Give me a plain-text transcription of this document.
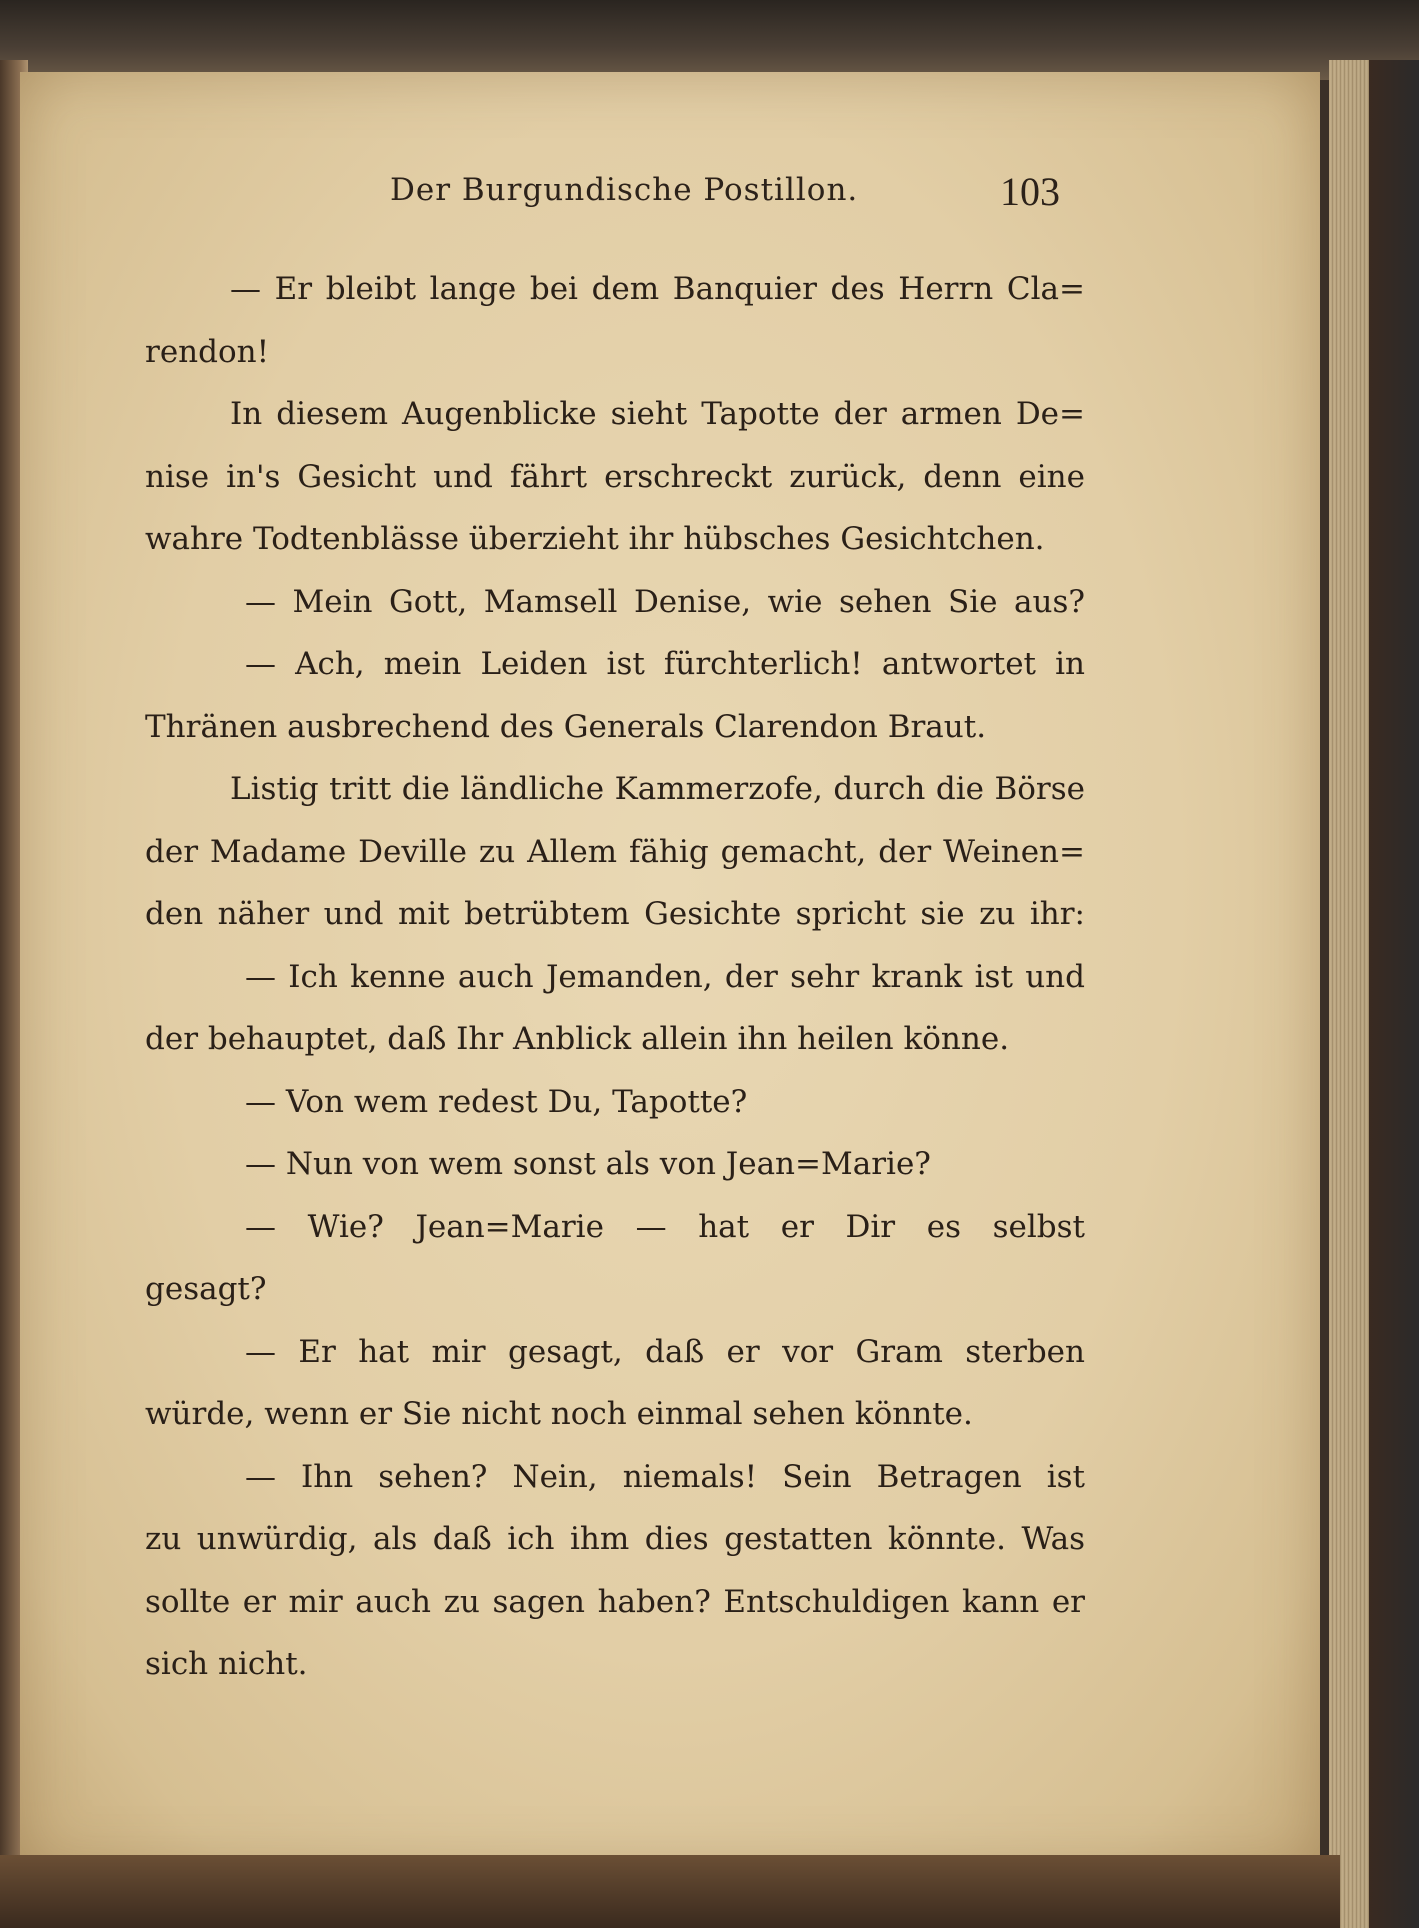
Der Burgundische Postillon.	103
— Er bleibt lange bei dem Banquier des Herrn Cla=
rendon!
In diesem Augenblicke sieht Tapotte der armen De=
nise in's Gesicht und fährt erschreckt zurück, denn eine
wahre Todtenblässe überzieht ihr hübsches Gesichtchen.
— Mein Gott, Mamsell Denise, wie sehen Sie aus?
— Ach, mein Leiden ist fürchterlich! antwortet in
Thränen ausbrechend des Generals Clarendon Braut.
Listig tritt die ländliche Kammerzofe, durch die Börse
der Madame Deville zu Allem fähig gemacht, der Weinen=
den näher und mit betrübtem Gesichte spricht sie zu ihr:
— Ich kenne auch Jemanden, der sehr krank ist und
der behauptet, daß Ihr Anblick allein ihn heilen könne.
— Von wem redest Du, Tapotte?
— Nun von wem sonst als von Jean=Marie?
— Wie? Jean=Marie — hat er Dir es selbst
gesagt?
— Er hat mir gesagt, daß er vor Gram sterben
würde, wenn er Sie nicht noch einmal sehen könnte.
— Ihn sehen? Nein, niemals! Sein Betragen ist
zu unwürdig, als daß ich ihm dies gestatten könnte. Was
sollte er mir auch zu sagen haben? Entschuldigen kann er
sich nicht.
